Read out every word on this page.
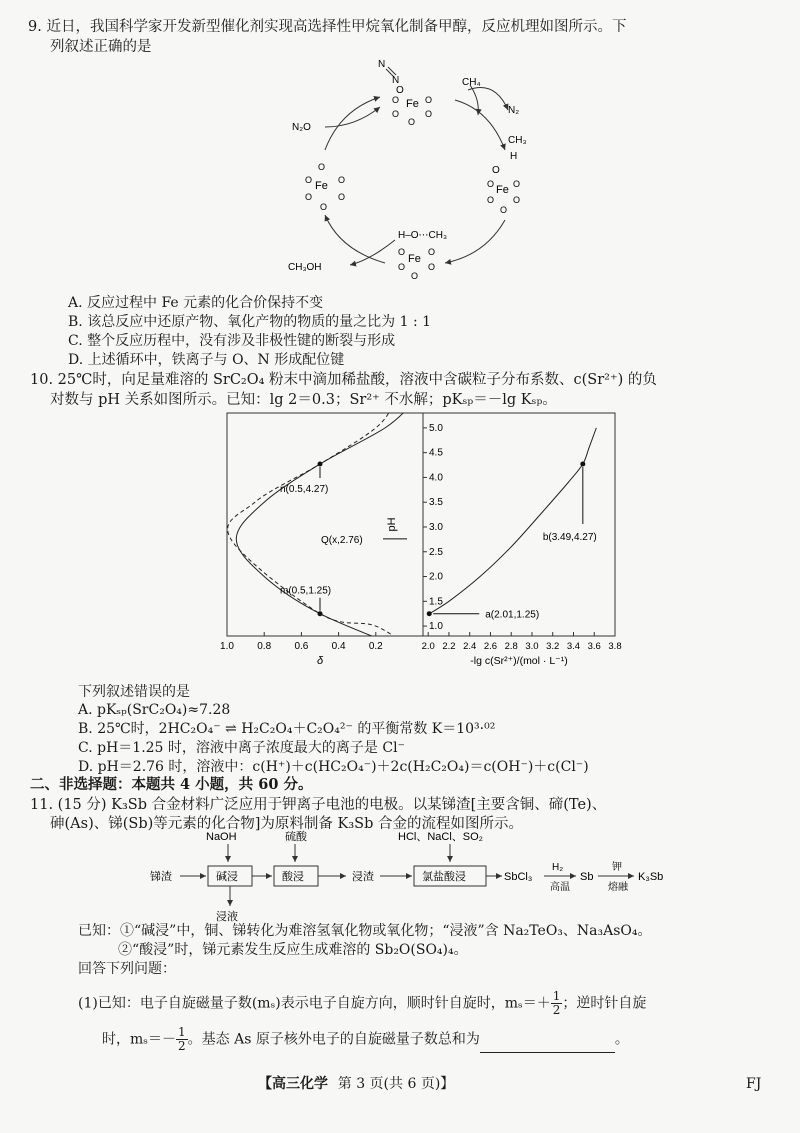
9. 近日，我国科学家开发新型催化剂实现高选择性甲烷氧化制备甲醇，反应机理如图所示。下
列叙述正确的是
N
N
O
Fe
O	O
O	O
O
CH₄
N₂
N₂O
CH₃
H
O
O Fe O
O O
O
O
O Fe O
O	O
O
H–O⋯CH₃
O
Fe
O
O	O
O
CH₃OH
A. 反应过程中 Fe 元素的化合价保持不变
B. 该总反应中还原产物、氧化产物的物质的量之比为 1 : 1
C. 整个反应历程中，没有涉及非极性键的断裂与形成
D. 上述循环中，铁离子与 O、N 形成配位键
10. 25℃时，向足量难溶的 SrC₂O₄ 粉末中滴加稀盐酸，溶液中含碳粒子分布系数、c(Sr²⁺) 的负
对数与 pH 关系如图所示。已知：lg 2＝0.3；Sr²⁺ 不水解；pKₛₚ＝－lg Kₛₚ。
1.0 0.8 0.6 0.4 0.2
δ
1.0
1.5
2.0
2.5
3.0
3.5
4.0
4.5
5.0
pH
2.0 2.2 2.4 2.6 2.8 3.0 3.2 3.4 3.6 3.8
-lg c(Sr²⁺)/(mol · L⁻¹)
n(0.5,4.27)
Q(x,2.76)
m(0.5,1.25)
a(2.01,1.25)
b(3.49,4.27)
下列叙述错误的是
A. pKₛₚ(SrC₂O₄)≈7.28
B. 25℃时，2HC₂O₄⁻ ⇌ H₂C₂O₄＋C₂O₄²⁻ 的平衡常数 K＝10³·⁰²
C. pH＝1.25 时，溶液中离子浓度最大的离子是 Cl⁻
D. pH＝2.76 时，溶液中：c(H⁺)＋c(HC₂O₄⁻)＋2c(H₂C₂O₄)＝c(OH⁻)＋c(Cl⁻)
二、非选择题：本题共 4 小题，共 60 分。
11. (15 分) K₃Sb 合金材料广泛应用于钾离子电池的电极。以某锑渣[主要含铜、碲(Te)、
砷(As)、锑(Sb)等元素的化合物]为原料制备 K₃Sb 合金的流程如图所示。
NaOH	硫酸	HCl、NaCl、SO₂
锑渣	碱浸	酸浸	浸渣	氯盐酸浸	SbCl₃
H₂
高温
Sb
钾
熔融
K₃Sb
浸液
已知：①“碱浸”中，铜、锑转化为难溶氢氧化物或氧化物；“浸液”含 Na₂TeO₃、Na₃AsO₄。
②“酸浸”时，锑元素发生反应生成难溶的 Sb₂O(SO₄)₄。
回答下列问题：
(1)已知：电子自旋磁量子数(mₛ)表示电子自旋方向，顺时针自旋时，$m_s=+ \frac{1}{2}$ ；逆时针自旋
时，$m_s=- \frac{1}{2}$ 。基态 As 原子核外电子的自旋磁量子数总和为	。
【高三化学 第 3 页(共 6 页)】	FJ
